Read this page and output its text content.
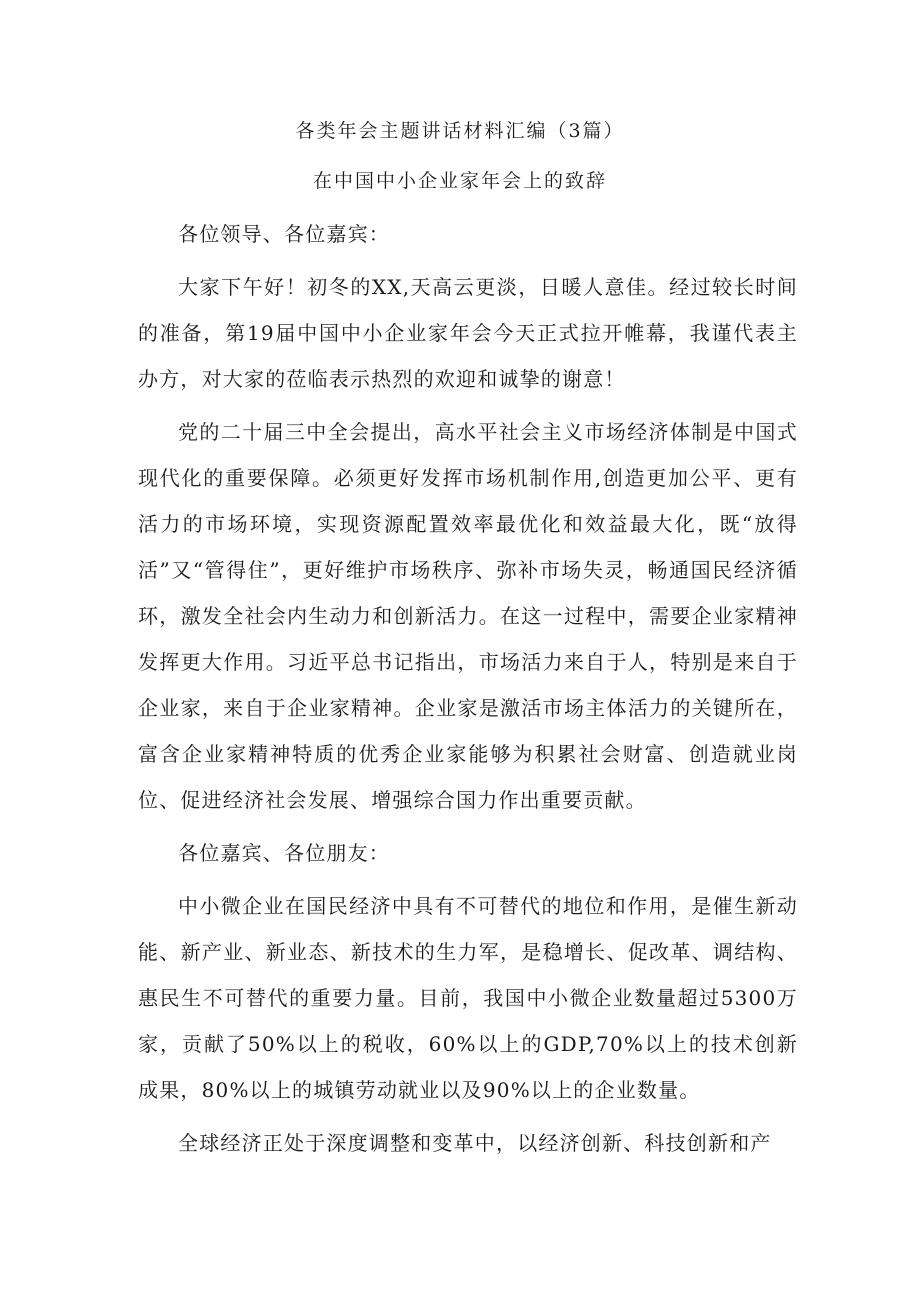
各类年会主题讲话材料汇编（3篇）
在中国中小企业家年会上的致辞

各位领导、各位嘉宾：

大家下午好！初冬的XX,天高云更淡，日暖人意佳。经过较长时间的准备，第19届中国中小企业家年会今天正式拉开帷幕，我谨代表主办方，对大家的莅临表示热烈的欢迎和诚挚的谢意！

党的二十届三中全会提出，高水平社会主义市场经济体制是中国式现代化的重要保障。必须更好发挥市场机制作用,创造更加公平、更有活力的市场环境，实现资源配置效率最优化和效益最大化，既“放得活”又“管得住”，更好维护市场秩序、弥补市场失灵，畅通国民经济循环，激发全社会内生动力和创新活力。在这一过程中，需要企业家精神发挥更大作用。习近平总书记指出，市场活力来自于人，特别是来自于企业家，来自于企业家精神。企业家是激活市场主体活力的关键所在，富含企业家精神特质的优秀企业家能够为积累社会财富、创造就业岗位、促进经济社会发展、增强综合国力作出重要贡献。

各位嘉宾、各位朋友：

中小微企业在国民经济中具有不可替代的地位和作用，是催生新动能、新产业、新业态、新技术的生力军，是稳增长、促改革、调结构、惠民生不可替代的重要力量。目前，我国中小微企业数量超过5300万家，贡献了50%以上的税收，60%以上的GDP,70%以上的技术创新成果，80%以上的城镇劳动就业以及90%以上的企业数量。

全球经济正处于深度调整和变革中，以经济创新、科技创新和产
